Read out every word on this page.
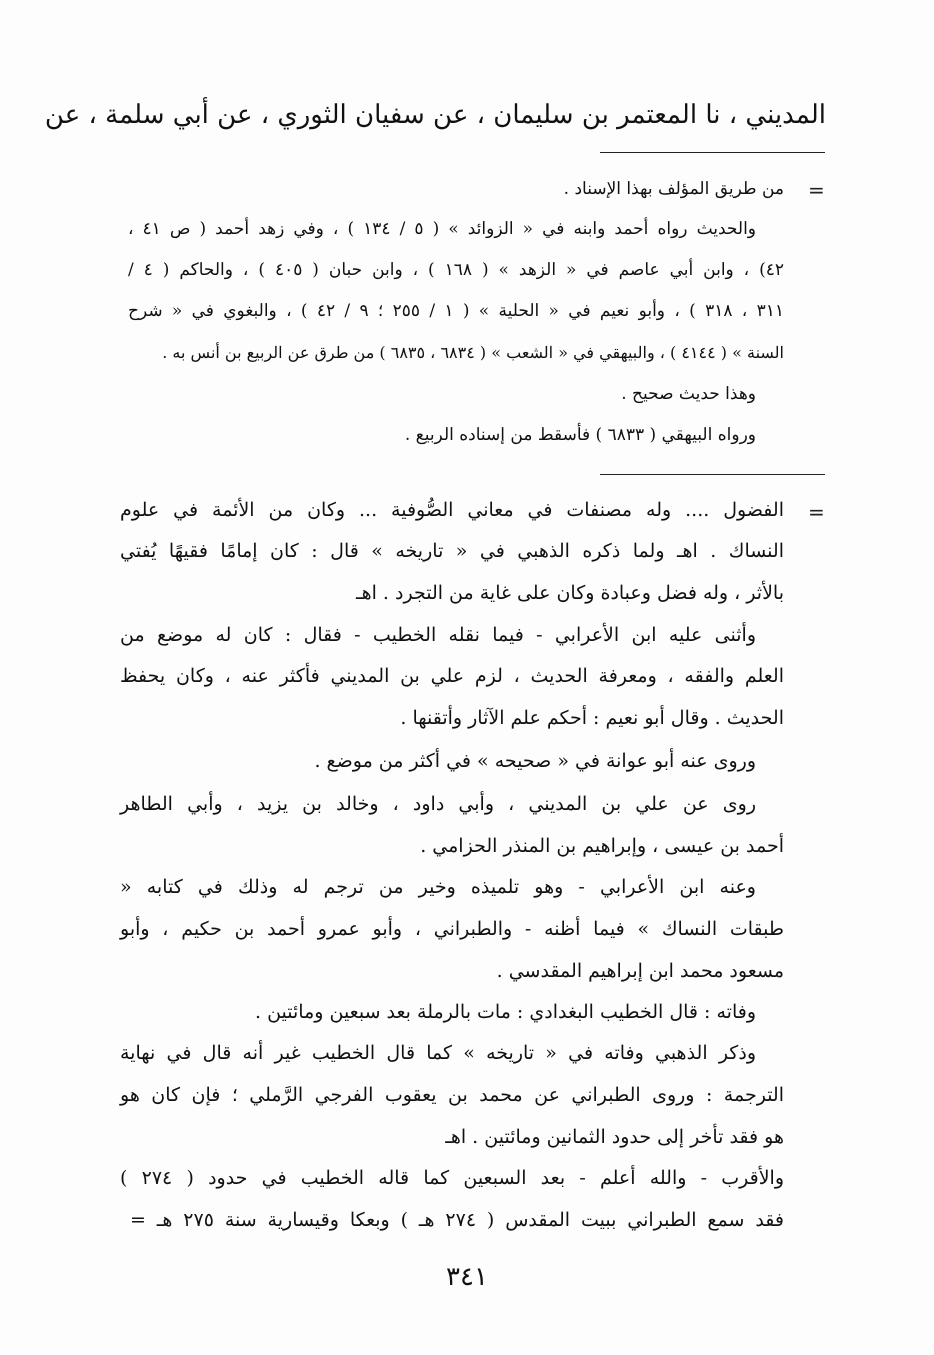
المديني ، نا المعتمر بن سليمان ، عن سفيان الثوري ، عن أبي سلمة ، عن
=
من طريق المؤلف بهذا الإسناد .
والحديث رواه أحمد وابنه في « الزوائد » ( ٥ / ١٣٤ ) ، وفي زهد أحمد ( ص ٤١ ،
٤٢) ، وابن أبي عاصم في « الزهد » ( ١٦٨ ) ، وابن حبان ( ٤٠٥ ) ، والحاكم ( ٤ /
٣١١ ، ٣١٨ ) ، وأبو نعيم في « الحلية » ( ١ / ٢٥٥ ؛ ٩ / ٤٢ ) ، والبغوي في « شرح
السنة » ( ٤١٤٤ ) ، والبيهقي في « الشعب » ( ٦٨٣٤ ، ٦٨٣٥ ) من طرق عن الربيع بن أنس به .
وهذا حديث صحيح .
ورواه البيهقي ( ٦٨٣٣ ) فأسقط من إسناده الربيع .
=
الفضول .... وله مصنفات في معاني الصُّوفية ... وكان من الأئمة في علوم
النساك . اهـ ولما ذكره الذهبي في « تاريخه » قال : كان إمامًا فقيهًا يُفتي
بالأثر ، وله فضل وعبادة وكان على غاية من التجرد . اهـ
وأثنى عليه ابن الأعرابي - فيما نقله الخطيب - فقال : كان له موضع من
العلم والفقه ، ومعرفة الحديث ، لزم علي بن المديني فأكثر عنه ، وكان يحفظ
الحديث . وقال أبو نعيم : أحكم علم الآثار وأتقنها .
وروى عنه أبو عوانة في « صحيحه » في أكثر من موضع .
روى عن علي بن المديني ، وأبي داود ، وخالد بن يزيد ، وأبي الطاهر
أحمد بن عيسى ، وإبراهيم بن المنذر الحزامي .
وعنه ابن الأعرابي - وهو تلميذه وخير من ترجم له وذلك في كتابه «
طبقات النساك » فيما أظنه - والطبراني ، وأبو عمرو أحمد بن حكيم ، وأبو
مسعود محمد ابن إبراهيم المقدسي .
وفاته : قال الخطيب البغدادي : مات بالرملة بعد سبعين ومائتين .
وذكر الذهبي وفاته في « تاريخه » كما قال الخطيب غير أنه قال في نهاية
الترجمة : وروى الطبراني عن محمد بن يعقوب الفرجي الرَّملي ؛ فإن كان هو
هو فقد تأخر إلى حدود الثمانين ومائتين . اهـ
والأقرب - والله أعلم - بعد السبعين كما قاله الخطيب في حدود ( ٢٧٤ )
فقد سمع الطبراني ببيت المقدس ( ٢٧٤ هـ ) وبعكا وقيسارية سنة ٢٧٥ هـ =
٣٤١
